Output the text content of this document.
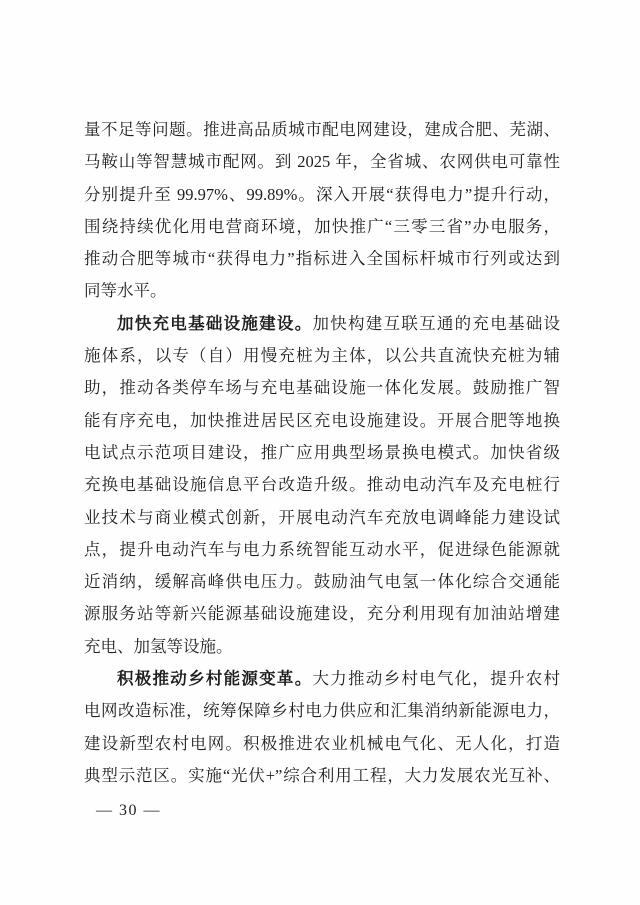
量不足等问题。推进高品质城市配电网建设，建成合肥、芜湖、
马鞍山等智慧城市配网。到 2025 年，全省城、农网供电可靠性
分别提升至 99.97%、99.89%。深入开展“获得电力”提升行动，
围绕持续优化用电营商环境，加快推广“三零三省”办电服务，
推动合肥等城市“获得电力”指标进入全国标杆城市行列或达到
同等水平。
加快充电基础设施建设。加快构建互联互通的充电基础设
施体系，以专（自）用慢充桩为主体，以公共直流快充桩为辅
助，推动各类停车场与充电基础设施一体化发展。鼓励推广智
能有序充电，加快推进居民区充电设施建设。开展合肥等地换
电试点示范项目建设，推广应用典型场景换电模式。加快省级
充换电基础设施信息平台改造升级。推动电动汽车及充电桩行
业技术与商业模式创新，开展电动汽车充放电调峰能力建设试
点，提升电动汽车与电力系统智能互动水平，促进绿色能源就
近消纳，缓解高峰供电压力。鼓励油气电氢一体化综合交通能
源服务站等新兴能源基础设施建设，充分利用现有加油站增建
充电、加氢等设施。
积极推动乡村能源变革。大力推动乡村电气化，提升农村
电网改造标准，统筹保障乡村电力供应和汇集消纳新能源电力，
建设新型农村电网。积极推进农业机械电气化、无人化，打造
典型示范区。实施“光伏+”综合利用工程，大力发展农光互补、
— 30 —
